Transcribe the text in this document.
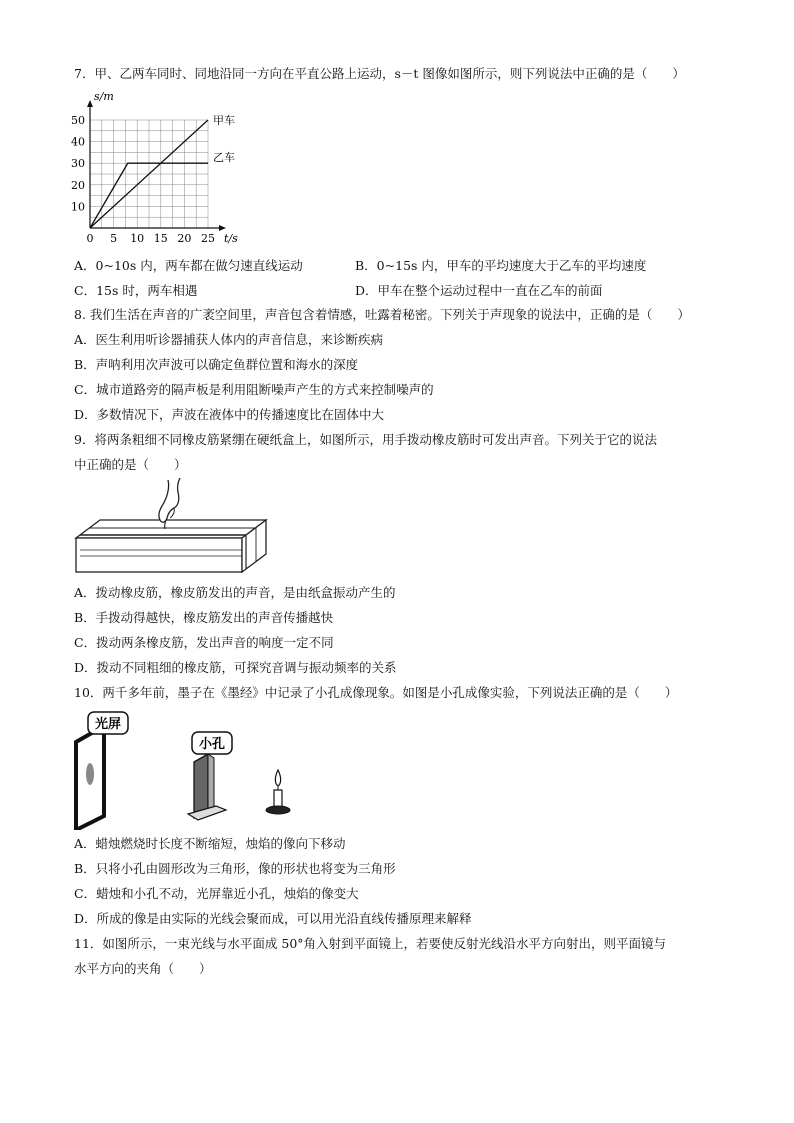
7．甲、乙两车同时、同地沿同一方向在平直公路上运动，s－t 图像如图所示，则下列说法中正确的是（　　）
0 5 10 15 20 25
10
20
30
40
50
t/s
s/m
甲车
乙车
A．0~10s 内，两车都在做匀速直线运动	B．0~15s 内，甲车的平均速度大于乙车的平均速度
C．15s 时，两车相遇	D．甲车在整个运动过程中一直在乙车的前面
8. 我们生活在声音的广袤空间里，声音包含着情感，吐露着秘密。下列关于声现象的说法中，正确的是（　　）
A．医生利用听诊器捕获人体内的声音信息，来诊断疾病
B．声呐利用次声波可以确定鱼群位置和海水的深度
C．城市道路旁的隔声板是利用阻断噪声产生的方式来控制噪声的
D．多数情况下，声波在液体中的传播速度比在固体中大
9．将两条粗细不同橡皮筋紧绷在硬纸盒上，如图所示，用手拨动橡皮筋时可发出声音。下列关于它的说法
中正确的是（　　）
A．拨动橡皮筋，橡皮筋发出的声音，是由纸盒振动产生的
B．手拨动得越快，橡皮筋发出的声音传播越快
C．拨动两条橡皮筋，发出声音的响度一定不同
D．拨动不同粗细的橡皮筋，可探究音调与振动频率的关系
10．两千多年前，墨子在《墨经》中记录了小孔成像现象。如图是小孔成像实验，下列说法正确的是（　　）
光屏
小孔
A．蜡烛燃烧时长度不断缩短，烛焰的像向下移动
B．只将小孔由圆形改为三角形，像的形状也将变为三角形
C．蜡烛和小孔不动，光屏靠近小孔，烛焰的像变大
D．所成的像是由实际的光线会聚而成，可以用光沿直线传播原理来解释
11．如图所示，一束光线与水平面成 50°角入射到平面镜上，若要使反射光线沿水平方向射出，则平面镜与
水平方向的夹角（　　）
